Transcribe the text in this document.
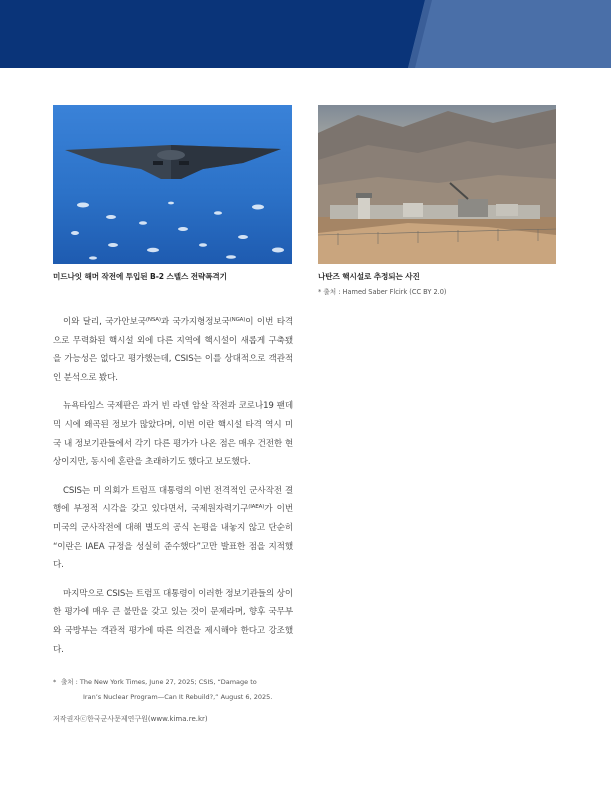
미드나잇 해머 작전에 투입된 B-2 스텔스 전략폭격기	나탄즈 핵시설로 추정되는 사진
* 출처 : Hamed Saber Flcirk (CC BY 2.0)

이와 달리, 국가안보국$^{(NSA)}$과 국가지형정보국$^{(NGA)}$이 이번 타격으로 무력화된 핵시설 외에 다른 지역에 핵시설이 새롭게 구축됐을 가능성은 없다고 평가했는데, CSIS는 이를 상대적으로 객관적인 분석으로 봤다.

뉴욕타임스 국제판은 과거 빈 라덴 암살 작전과 코로나19 팬데믹 시에 왜곡된 정보가 많았다며, 이번 이란 핵시설 타격 역시 미국 내 정보기관들에서 각기 다른 평가가 나온 점은 매우 건전한 현상이지만, 동시에 혼란을 초래하기도 했다고 보도했다.

CSIS는 미 의회가 트럼프 대통령의 이번 전격적인 군사작전 결행에 부정적 시각을 갖고 있다면서, 국제원자력기구$^{(IAEA)}$가 이번 미국의 군사작전에 대해 별도의 공식 논평을 내놓지 않고 단순히 “이란은 IAEA 규정을 성실히 준수했다”고만 발표한 점을 지적했다.

마지막으로 CSIS는 트럼프 대통령이 이러한 정보기관들의 상이한 평가에 매우 큰 불만을 갖고 있는 것이 문제라며, 향후 국무부와 국방부는 객관적 평가에 따른 의견을 제시해야 한다고 강조했다.

* 출처 : The New York Times, June 27, 2025; CSIS, “Damage to
Iran’s Nuclear Program—Can It Rebuild?,” August 6, 2025.
저작권자ⓒ한국군사문제연구원(www.kima.re.kr)
